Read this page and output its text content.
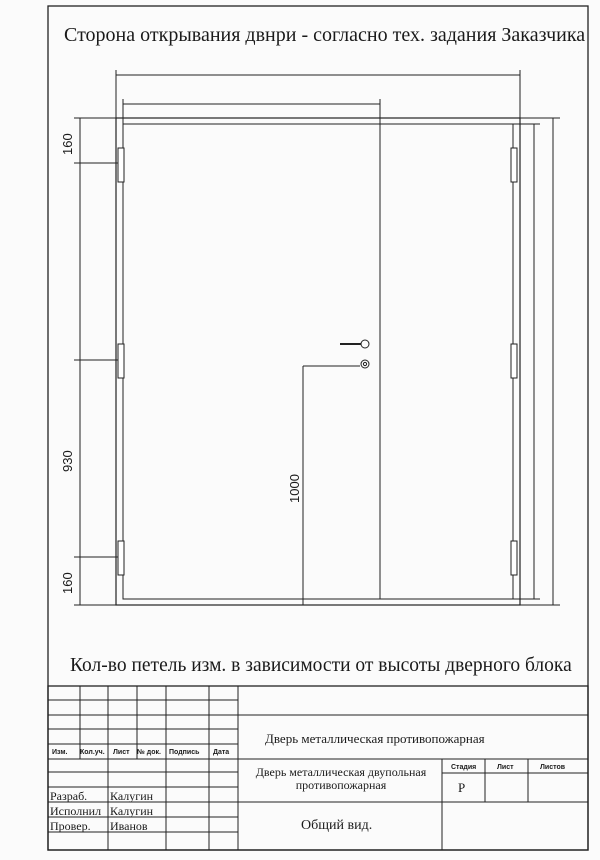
Сторона открывания двнри - согласно тех. задания Заказчика
160
930
160
1000
Кол-во петель изм. в зависимости от высоты дверного блока
Изм. Кол.уч. Лист № док. Подпись Дата
Дверь металлическая противопожарная
Дверь металлическая двупольная противопожарная
Стадия	Лист	Листов
Р
Общий вид.
Разраб. Калугин
Исполнил Калугин
Провер. Иванов
